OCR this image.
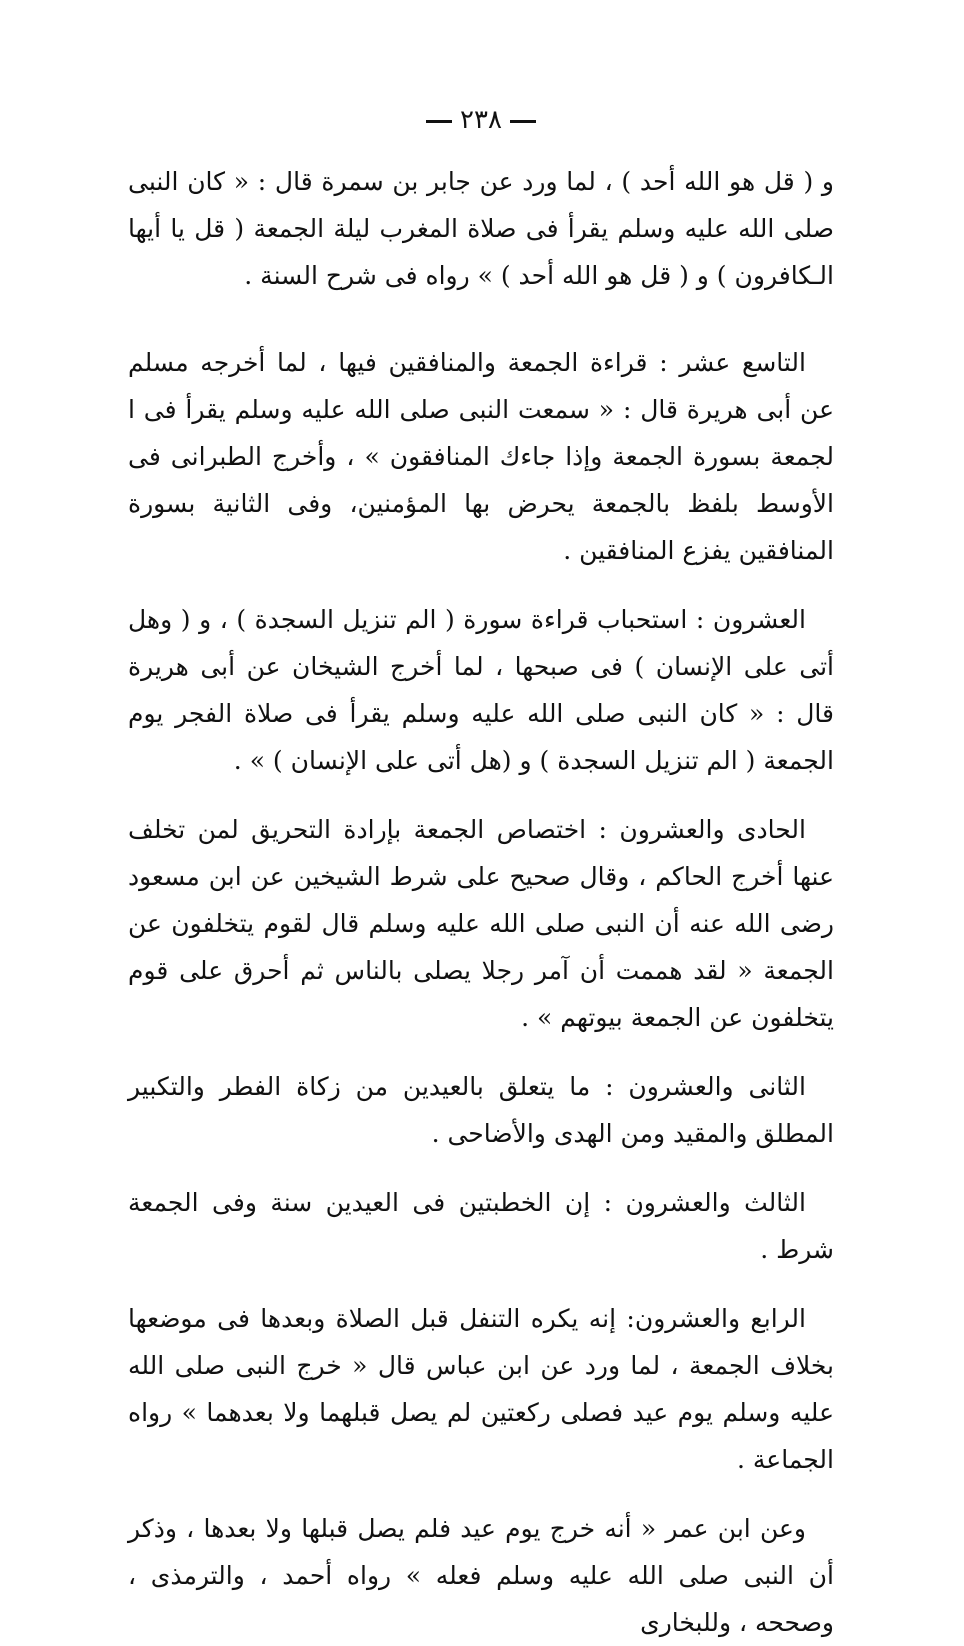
٢٣٨

و ( قل هو الله أحد ) ، لما ورد عن جابر بن سمرة قال : « كان النبى صلى الله عليه وسلم يقرأ فى صلاة المغرب ليلة الجمعة ( قل يا أيها الـكافرون ) و ( قل هو الله أحد ) » رواه فى شرح السنة .

التاسع عشر : قراءة الجمعة والمنافقين فيها ، لما أخرجه مسلم عن أبى هريرة قال : « سمعت النبى صلى الله عليه وسلم يقرأ فى ا لجمعة بسورة الجمعة وإذا جاءك المنافقون » ، وأخرج الطبرانى فى الأوسط بلفظ بالجمعة يحرض بها المؤمنين، وفى الثانية بسورة المنافقين يفزع المنافقين .

العشرون : استحباب قراءة سورة ( الم تنزيل السجدة ) ، و ( وهل أتى على الإنسان ) فى صبحها ، لما أخرج الشيخان عن أبى هريرة قال : « كان النبى صلى الله عليه وسلم يقرأ فى صلاة الفجر يوم الجمعة ( الم تنزيل السجدة ) و (هل أتى على الإنسان ) » .

الحادى والعشرون : اختصاص الجمعة بإرادة التحريق لمن تخلف عنها أخرج الحاكم ، وقال صحيح على شرط الشيخين عن ابن مسعود رضى الله عنه أن النبى صلى الله عليه وسلم قال لقوم يتخلفون عن الجمعة « لقد هممت أن آمر رجلا يصلى بالناس ثم أحرق على قوم يتخلفون عن الجمعة بيوتهم » .

الثانى والعشرون : ما يتعلق بالعيدين من زكاة الفطر والتكبير المطلق والمقيد ومن الهدى والأضاحى .

الثالث والعشرون : إن الخطبتين فى العيدين سنة وفى الجمعة شرط .

الرابع والعشرون: إنه يكره التنفل قبل الصلاة وبعدها فى موضعها بخلاف الجمعة ، لما ورد عن ابن عباس قال « خرج النبى صلى الله عليه وسلم يوم عيد فصلى ركعتين لم يصل قبلهما ولا بعدهما » رواه الجماعة .

وعن ابن عمر « أنه خرج يوم عيد فلم يصل قبلها ولا بعدها ، وذكر أن النبى صلى الله عليه وسلم فعله » رواه أحمد ، والترمذى ، وصححه ، وللبخارى
